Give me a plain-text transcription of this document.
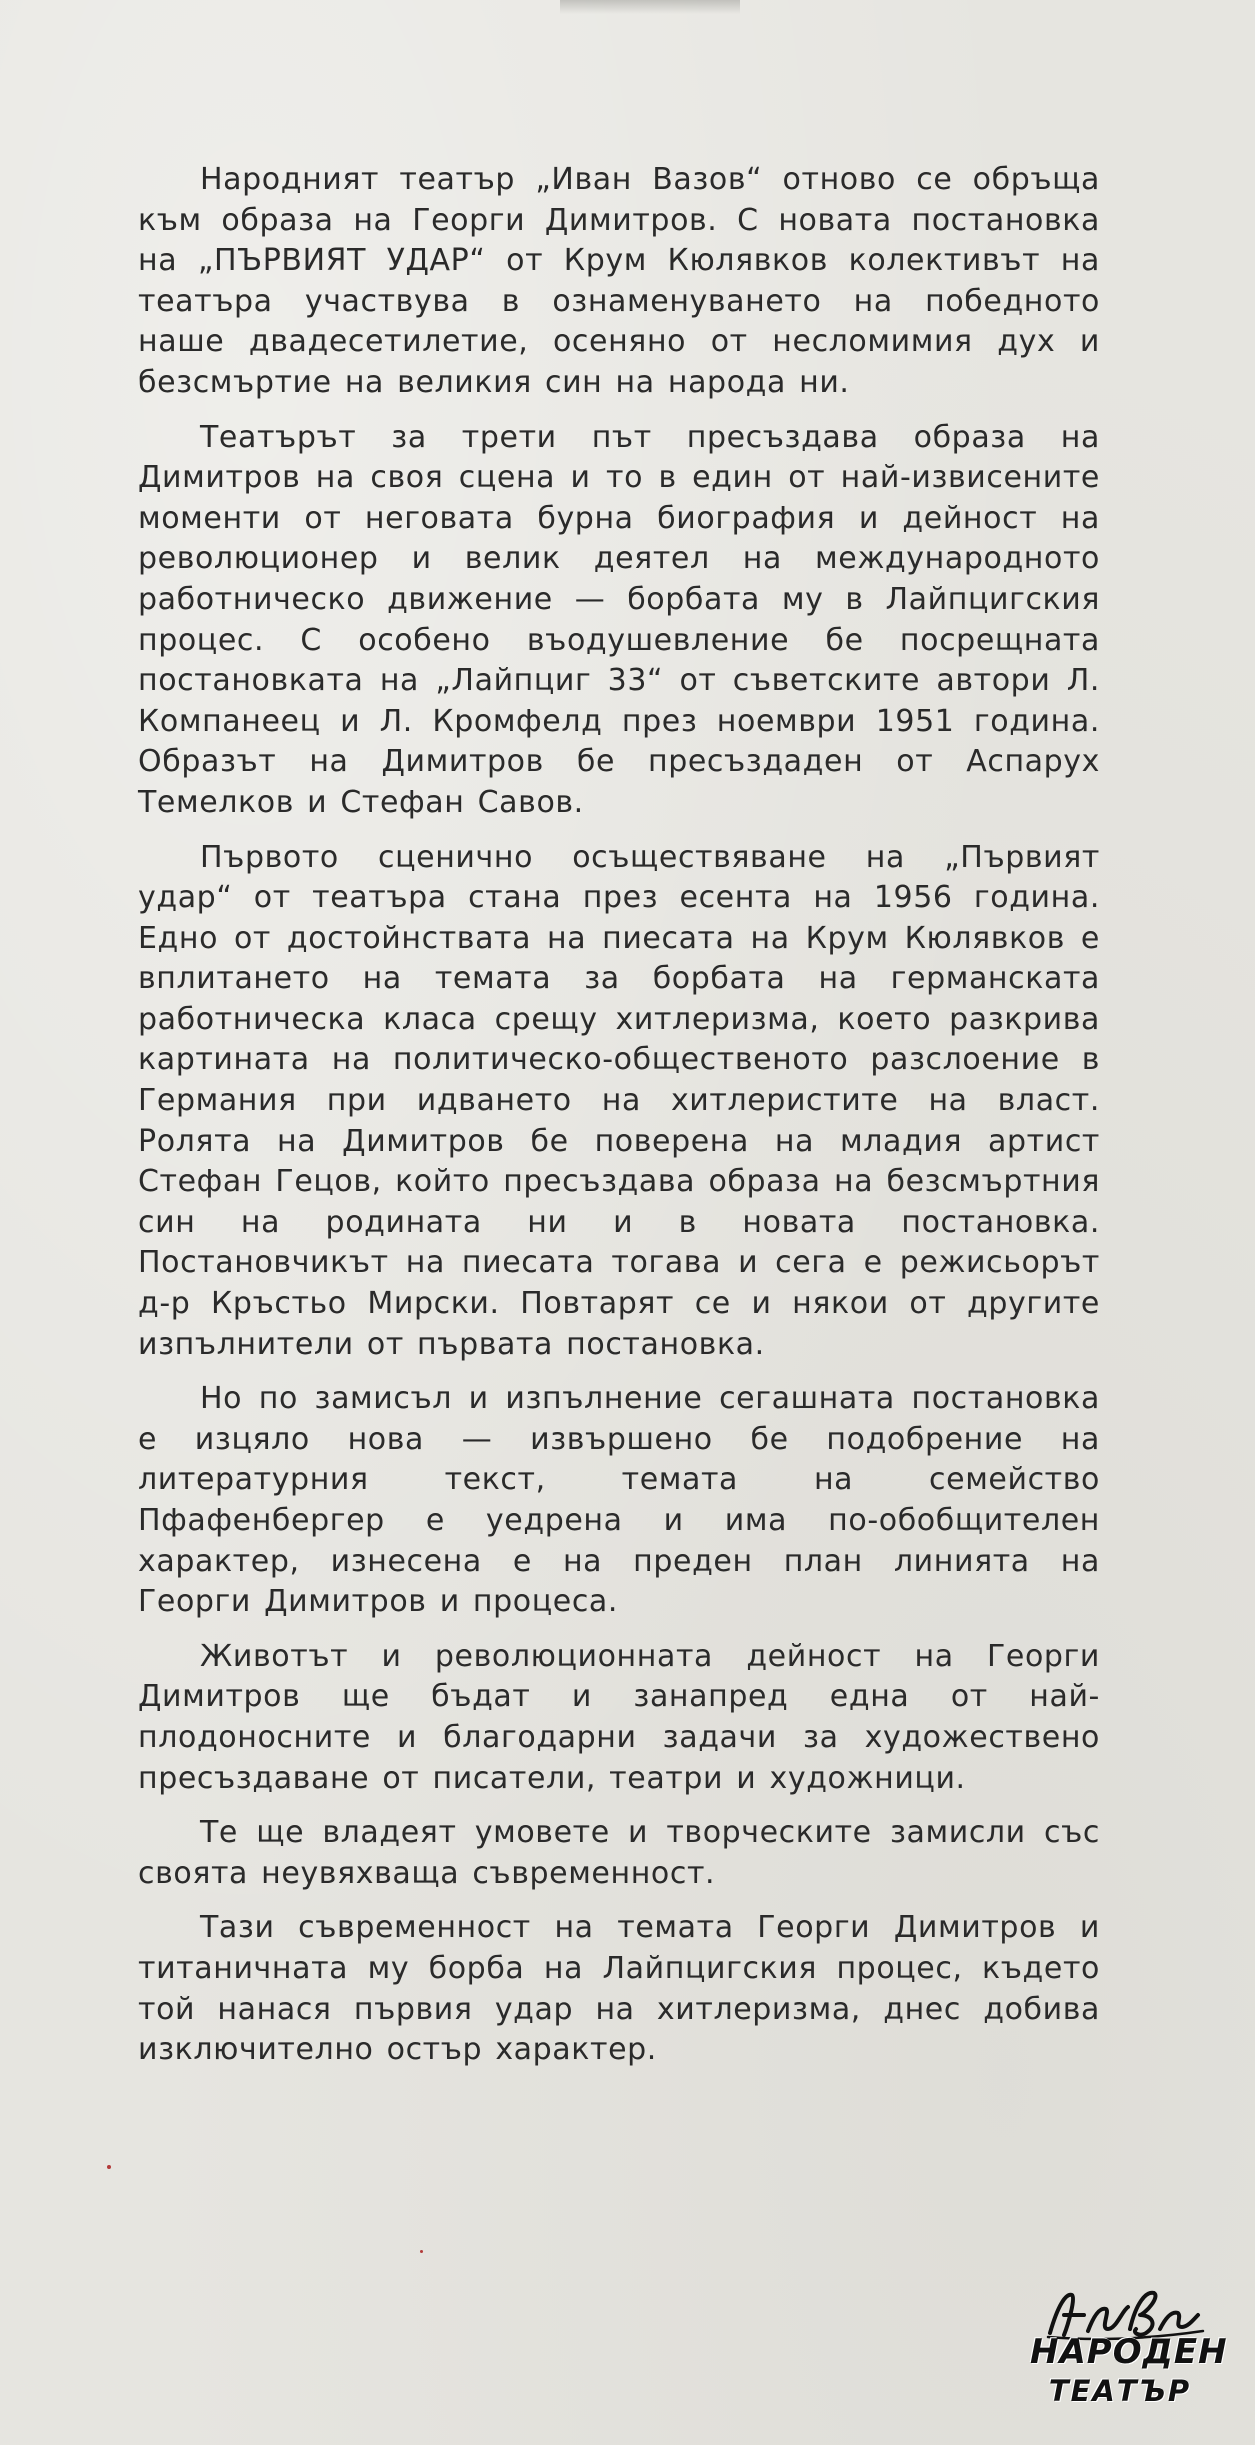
Народният театър „Иван Вазов“ отново се обръща към образа на Георги Димитров. С новата постановка на „ПЪРВИЯТ УДАР“ от Крум Кюлявков колективът на театъра участвува в ознаменуването на победното наше двадесетилетие, осеняно от несломимия дух и безсмъртие на великия син на народа ни.

Театърът за трети път пресъздава образа на Димитров на своя сцена и то в един от най-извисените моменти от неговата бурна биография и дейност на революционер и велик деятел на международното работническо движение — борбата му в Лайпцигския процес. С особено въодушевление бе посрещната постановката на „Лайпциг 33“ от съветските автори Л. Компанеец и Л. Кромфелд през ноември 1951 година. Образът на Димитров бе пресъздаден от Аспарух Темелков и Стефан Савов.

Първото сценично осъществяване на „Първият удар“ от театъра стана през есента на 1956 година. Едно от достойнствата на пиесата на Крум Кюлявков е вплитането на темата за борбата на германската работническа класа срещу хитлеризма, което разкрива картината на политическо-общественото разслоение в Германия при идването на хитлеристите на власт. Ролята на Димитров бе поверена на младия артист Стефан Гецов, който пресъздава образа на безсмъртния син на родината ни и в новата постановка. Постановчикът на пиесата тогава и сега е режисьорът д-р Кръстьо Мирски. Повтарят се и някои от другите изпълнители от първата постановка.

Но по замисъл и изпълнение сегашната постановка е изцяло нова — извършено бе подобрение на литературния текст, темата на семейство Пфафенбергер е уедрена и има по-обобщителен характер, изнесена е на преден план линията на Георги Димитров и процеса.

Животът и революционната дейност на Георги Димитров ще бъдат и занапред една от най-плодоносните и благодарни задачи за художествено пресъздаване от писатели, театри и художници.

Те ще владеят умовете и творческите замисли със своята неувяхваща съвременност.

Тази съвременност на темата Георги Димитров и титаничната му борба на Лайпцигския процес, където той нанася първия удар на хитлеризма, днес добива изключително остър характер.

НАРОДЕН
ТЕАТЪР
